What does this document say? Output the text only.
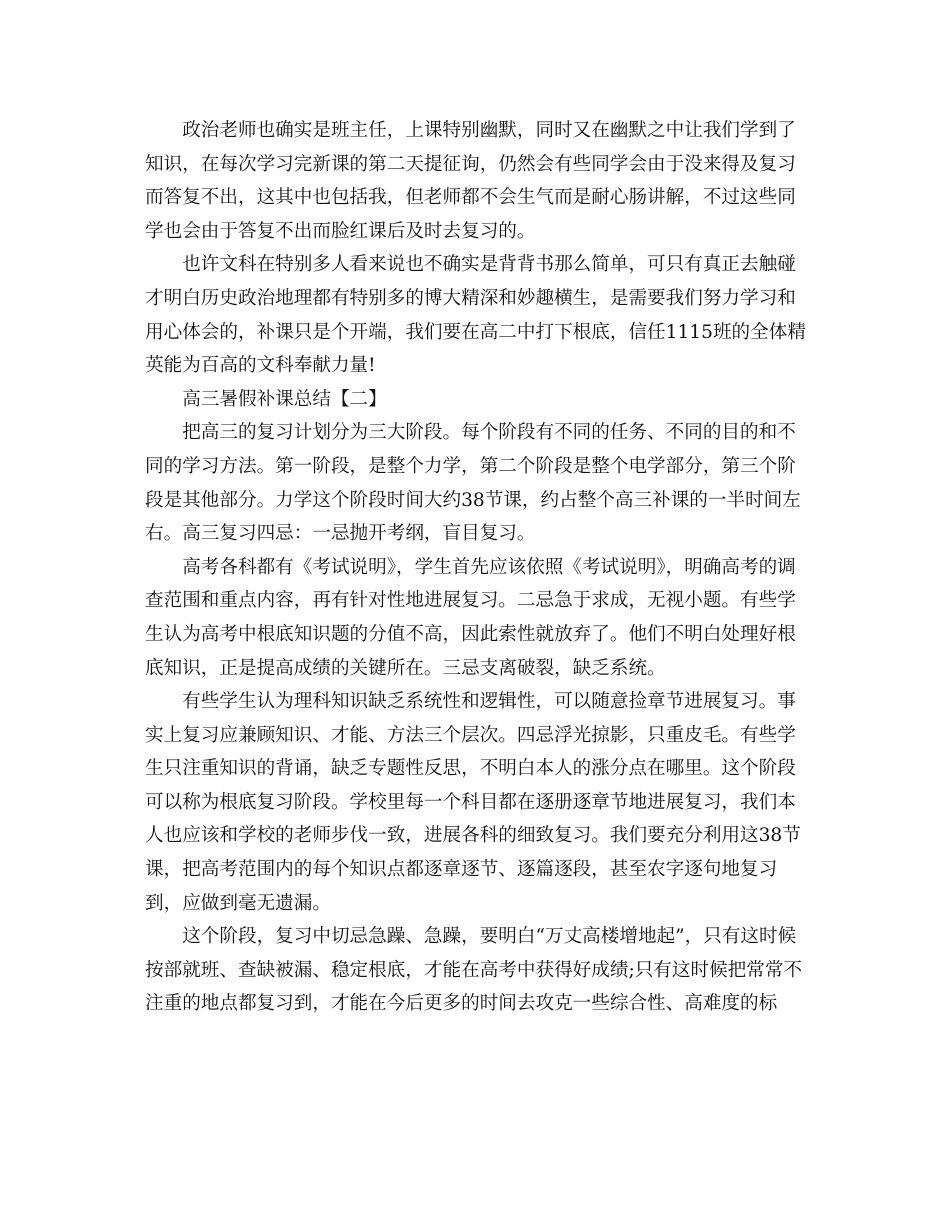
政治老师也确实是班主任，上课特别幽默，同时又在幽默之中让我们学到了知识，在每次学习完新课的第二天提征询，仍然会有些同学会由于没来得及复习而答复不出，这其中也包括我，但老师都不会生气而是耐心肠讲解，不过这些同学也会由于答复不出而脸红课后及时去复习的。

也许文科在特别多人看来说也不确实是背背书那么简单，可只有真正去触碰才明白历史政治地理都有特别多的博大精深和妙趣横生，是需要我们努力学习和用心体会的，补课只是个开端，我们要在高二中打下根底，信任1115班的全体精英能为百高的文科奉献力量!

高三暑假补课总结【二】

把高三的复习计划分为三大阶段。每个阶段有不同的任务、不同的目的和不同的学习方法。第一阶段，是整个力学，第二个阶段是整个电学部分，第三个阶段是其他部分。力学这个阶段时间大约38节课，约占整个高三补课的一半时间左右。高三复习四忌：一忌抛开考纲，盲目复习。

高考各科都有《考试说明》，学生首先应该依照《考试说明》，明确高考的调查范围和重点内容，再有针对性地进展复习。二忌急于求成，无视小题。有些学生认为高考中根底知识题的分值不高，因此索性就放弃了。他们不明白处理好根底知识，正是提高成绩的关键所在。三忌支离破裂，缺乏系统。

有些学生认为理科知识缺乏系统性和逻辑性，可以随意捡章节进展复习。事实上复习应兼顾知识、才能、方法三个层次。四忌浮光掠影，只重皮毛。有些学生只注重知识的背诵，缺乏专题性反思，不明白本人的涨分点在哪里。这个阶段可以称为根底复习阶段。学校里每一个科目都在逐册逐章节地进展复习，我们本人也应该和学校的老师步伐一致，进展各科的细致复习。我们要充分利用这38节课，把高考范围内的每个知识点都逐章逐节、逐篇逐段，甚至农字逐句地复习到，应做到毫无遗漏。

这个阶段，复习中切忌急躁、急躁，要明白“万丈高楼增地起”，只有这时候按部就班、查缺被漏、稳定根底，才能在高考中获得好成绩;只有这时候把常常不注重的地点都复习到，才能在今后更多的时间去攻克一些综合性、高难度的标
